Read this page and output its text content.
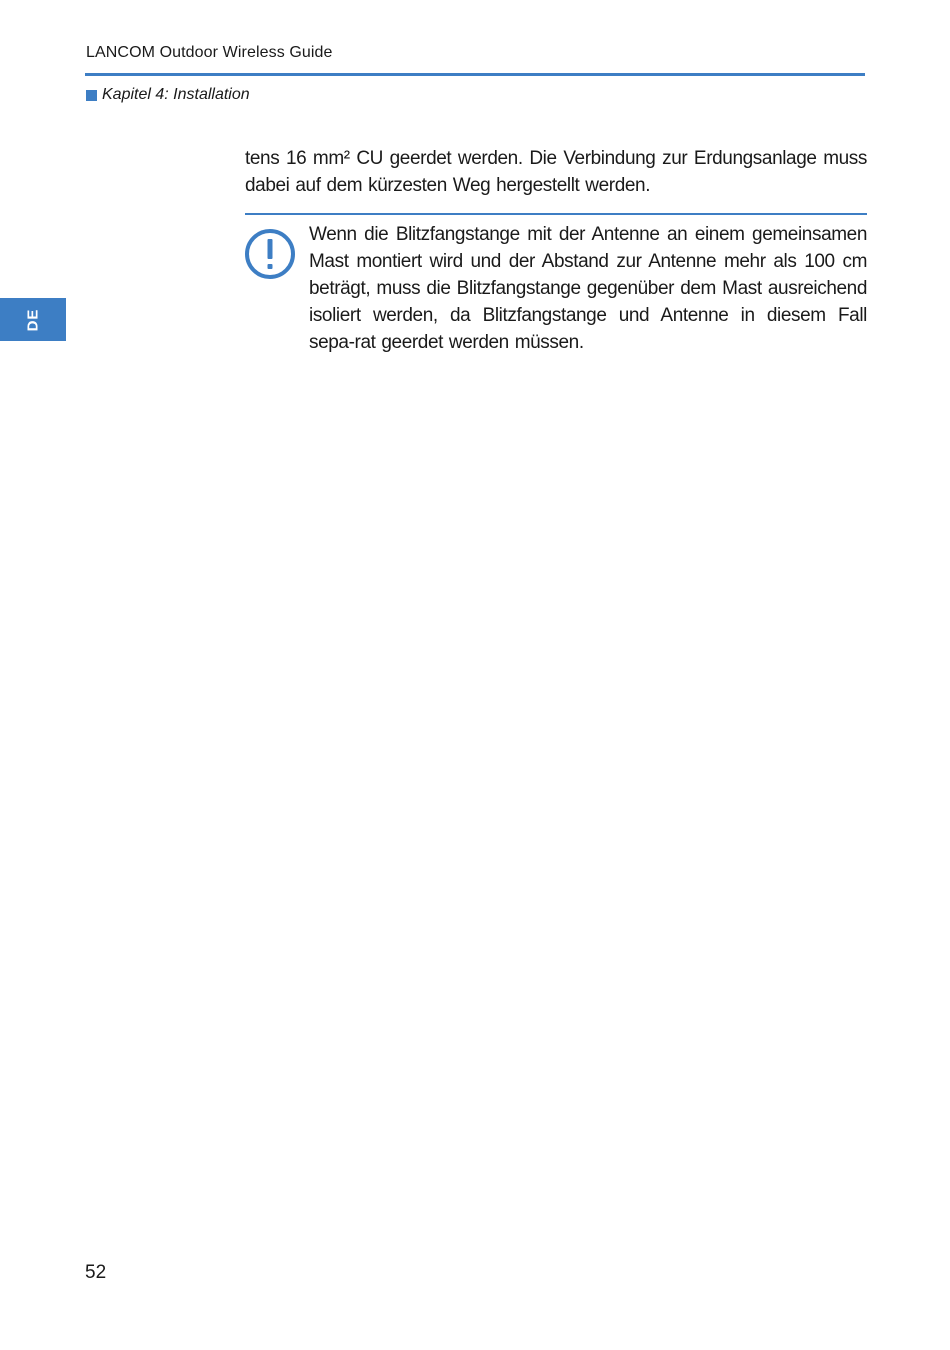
LANCOM Outdoor Wireless Guide
Kapitel 4: Installation
DE
tens 16 mm² CU geerdet werden. Die Verbindung zur Erdungsanlage muss dabei auf dem kürzesten Weg hergestellt werden.
Wenn die Blitzfangstange mit der Antenne an einem gemeinsamen Mast montiert wird und der Abstand zur Antenne mehr als 100 cm beträgt, muss die Blitzfangstange gegenüber dem Mast ausreichend isoliert werden, da Blitzfangstange und Antenne in diesem Fall sepa-rat geerdet werden müssen.
52
